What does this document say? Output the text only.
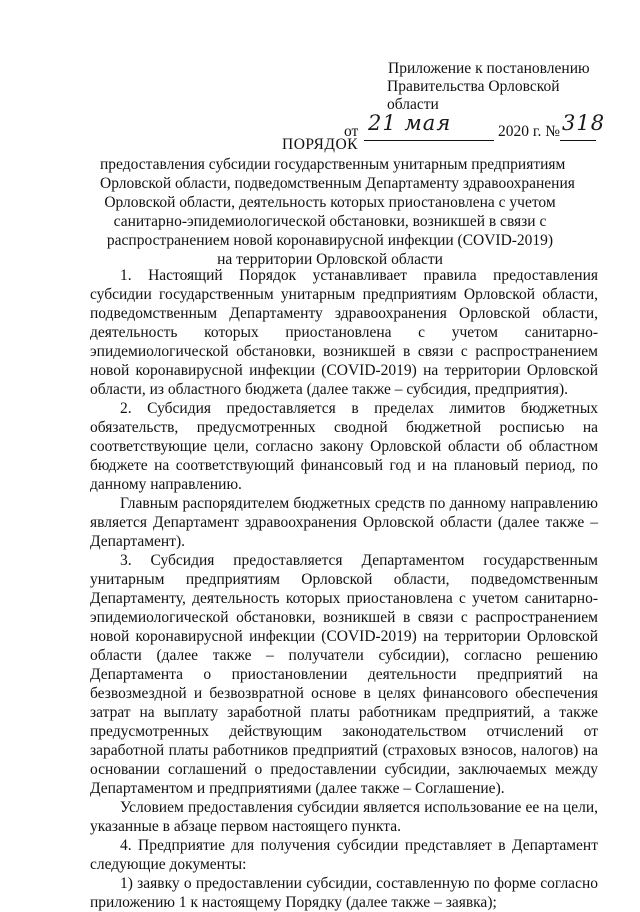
Приложение к постановлению
Правительства Орловской области
от 21 мая	2020 г. № 318
ПОРЯДОК
предоставления субсидии государственным унитарным предприятиям
Орловской области, подведомственным Департаменту здравоохранения
Орловской области, деятельность которых приостановлена с учетом
санитарно-эпидемиологической обстановки, возникшей в связи с
распространением новой коронавирусной инфекции (COVID-2019)
на территории Орловской области

1. Настоящий Порядок устанавливает правила предоставления субсидии государственным унитарным предприятиям Орловской области, подведомственным Департаменту здравоохранения Орловской области, деятельность которых приостановлена с учетом санитарно-эпидемиологической обстановки, возникшей в связи с распространением новой коронавирусной инфекции (COVID-2019) на территории Орловской области, из областного бюджета (далее также – субсидия, предприятия).

2. Субсидия предоставляется в пределах лимитов бюджетных обязательств, предусмотренных сводной бюджетной росписью на соответствующие цели, согласно закону Орловской области об областном бюджете на соответствующий финансовый год и на плановый период, по данному направлению.

Главным распорядителем бюджетных средств по данному направлению является Департамент здравоохранения Орловской области (далее также – Департамент).

3. Субсидия предоставляется Департаментом государственным унитарным предприятиям Орловской области, подведомственным Департаменту, деятельность которых приостановлена с учетом санитарно-эпидемиологической обстановки, возникшей в связи с распространением новой коронавирусной инфекции (COVID-2019) на территории Орловской области (далее также – получатели субсидии), согласно решению Департамента о приостановлении деятельности предприятий на безвозмездной и безвозвратной основе в целях финансового обеспечения затрат на выплату заработной платы работникам предприятий, а также предусмотренных действующим законодательством отчислений от заработной платы работников предприятий (страховых взносов, налогов) на основании соглашений о предоставлении субсидии, заключаемых между Департаментом и предприятиями (далее также – Соглашение).

Условием предоставления субсидии является использование ее на цели, указанные в абзаце первом настоящего пункта.

4. Предприятие для получения субсидии представляет в Департамент следующие документы:

1) заявку о предоставлении субсидии, составленную по форме согласно приложению 1 к настоящему Порядку (далее также – заявка);
